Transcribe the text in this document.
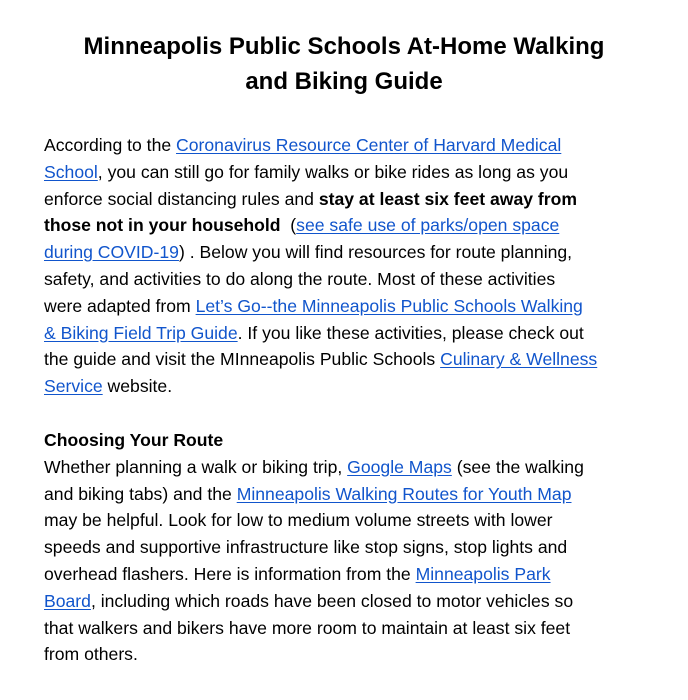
Minneapolis Public Schools At-Home Walking
and Biking Guide

According to the Coronavirus Resource Center of Harvard Medical
School, you can still go for family walks or bike rides as long as you
enforce social distancing rules and stay at least six feet away from
those not in your household  (see safe use of parks/open space
during COVID-19) . Below you will find resources for route planning,
safety, and activities to do along the route. Most of these activities
were adapted from Let’s Go--the Minneapolis Public Schools Walking
& Biking Field Trip Guide. If you like these activities, please check out
the guide and visit the MInneapolis Public Schools Culinary & Wellness
Service website.

Choosing Your Route
Whether planning a walk or biking trip, Google Maps (see the walking
and biking tabs) and the Minneapolis Walking Routes for Youth Map
may be helpful. Look for low to medium volume streets with lower
speeds and supportive infrastructure like stop signs, stop lights and
overhead flashers. Here is information from the Minneapolis Park
Board, including which roads have been closed to motor vehicles so
that walkers and bikers have more room to maintain at least six feet
from others.
